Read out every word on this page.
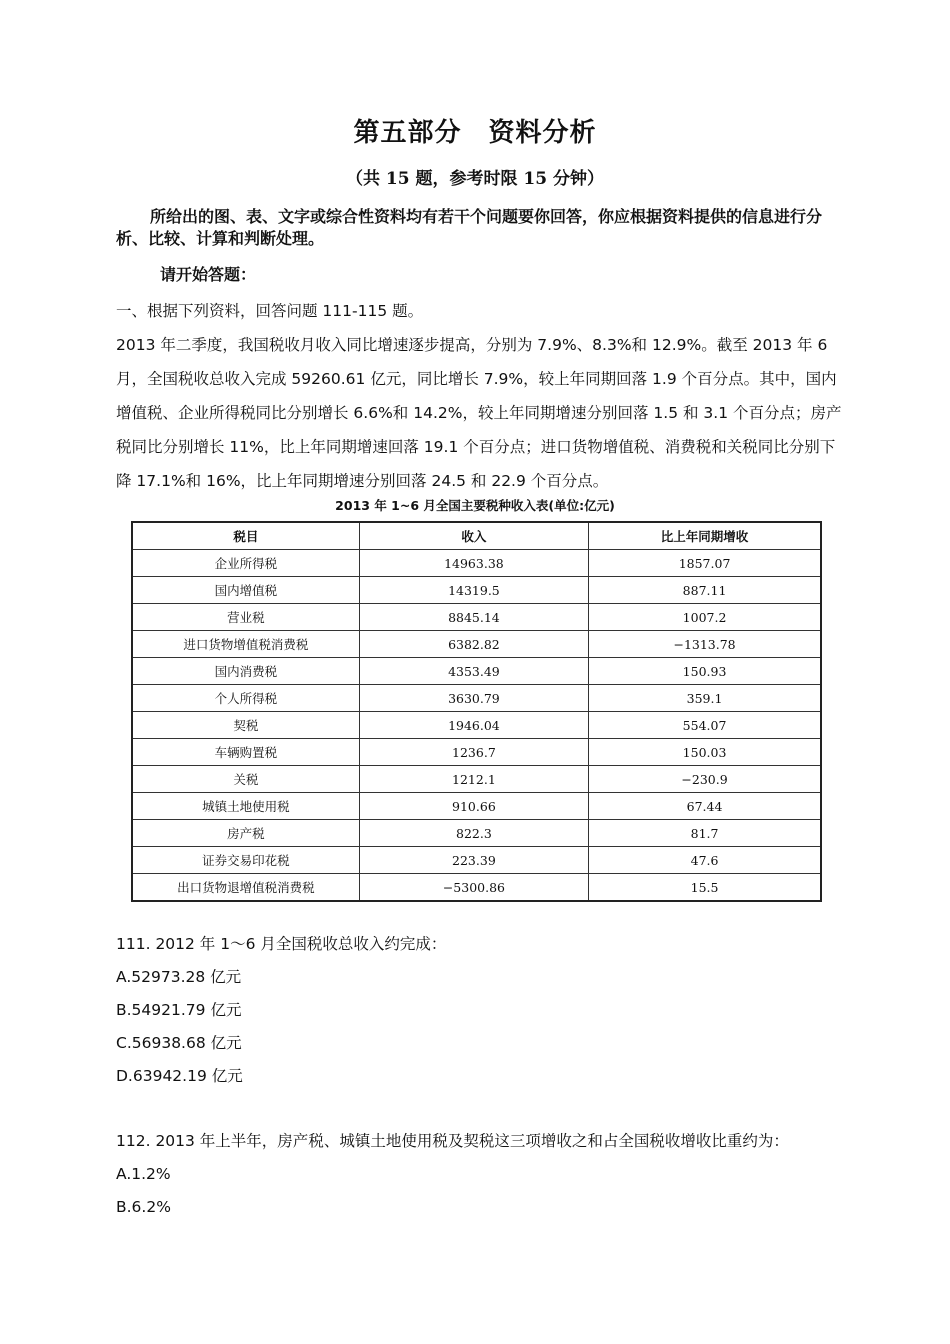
第五部分　资料分析
（共 15 题，参考时限 15 分钟）
所给出的图、表、文字或综合性资料均有若干个问题要你回答，你应根据资料提供的信息进行分析、比较、计算和判断处理。
请开始答题：
一、根据下列资料，回答问题 111-115 题。
2013 年二季度，我国税收月收入同比增速逐步提高，分别为 7.9%、8.3%和 12.9%。截至 2013 年 6 月，全国税收总收入完成 59260.61 亿元，同比增长 7.9%，较上年同期回落 1.9 个百分点。其中，国内增值税、企业所得税同比分别增长 6.6%和 14.2%，较上年同期增速分别回落 1.5 和 3.1 个百分点；房产税同比分别增长 11%，比上年同期增速回落 19.1 个百分点；进口货物增值税、消费税和关税同比分别下降 17.1%和 16%，比上年同期增速分别回落 24.5 和 22.9 个百分点。
2013 年 1~6 月全国主要税种收入表(单位:亿元)
税目	收入	比上年同期增收
企业所得税	14963.38	1857.07
国内增值税	14319.5	887.11
营业税	8845.14	1007.2
进口货物增值税消费税	6382.82	−1313.78
国内消费税	4353.49	150.93
个人所得税	3630.79	359.1
契税	1946.04	554.07
车辆购置税	1236.7	150.03
关税	1212.1	−230.9
城镇土地使用税	910.66	67.44
房产税	822.3	81.7
证券交易印花税	223.39	47.6
出口货物退增值税消费税	−5300.86	15.5
111. 2012 年 1～6 月全国税收总收入约完成：
A.52973.28 亿元
B.54921.79 亿元
C.56938.68 亿元
D.63942.19 亿元
112. 2013 年上半年，房产税、城镇土地使用税及契税这三项增收之和占全国税收增收比重约为：
A.1.2%
B.6.2%
